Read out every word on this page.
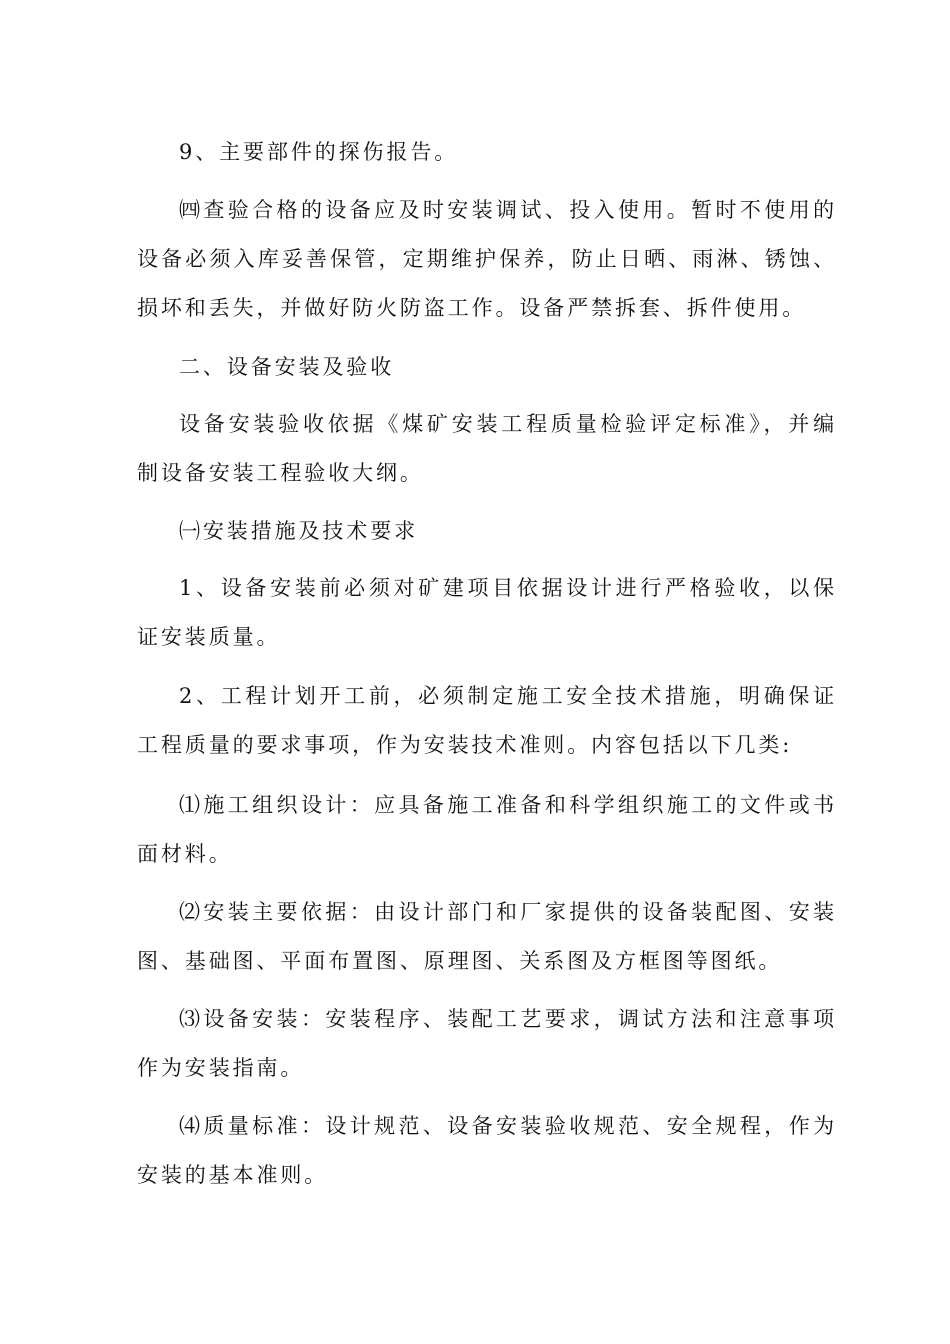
9、主要部件的探伤报告。

㈣查验合格的设备应及时安装调试、投入使用。暂时不使用的设备必须入库妥善保管，定期维护保养，防止日晒、雨淋、锈蚀、损坏和丢失，并做好防火防盗工作。设备严禁拆套、拆件使用。

二、设备安装及验收

设备安装验收依据《煤矿安装工程质量检验评定标准》，并编制设备安装工程验收大纲。

㈠安装措施及技术要求

1、设备安装前必须对矿建项目依据设计进行严格验收，以保证安装质量。

2、工程计划开工前，必须制定施工安全技术措施，明确保证工程质量的要求事项，作为安装技术准则。内容包括以下几类:

⑴施工组织设计：应具备施工准备和科学组织施工的文件或书面材料。

⑵安装主要依据：由设计部门和厂家提供的设备装配图、安装图、基础图、平面布置图、原理图、关系图及方框图等图纸。

⑶设备安装：安装程序、装配工艺要求，调试方法和注意事项作为安装指南。

⑷质量标准：设计规范、设备安装验收规范、安全规程，作为安装的基本准则。
